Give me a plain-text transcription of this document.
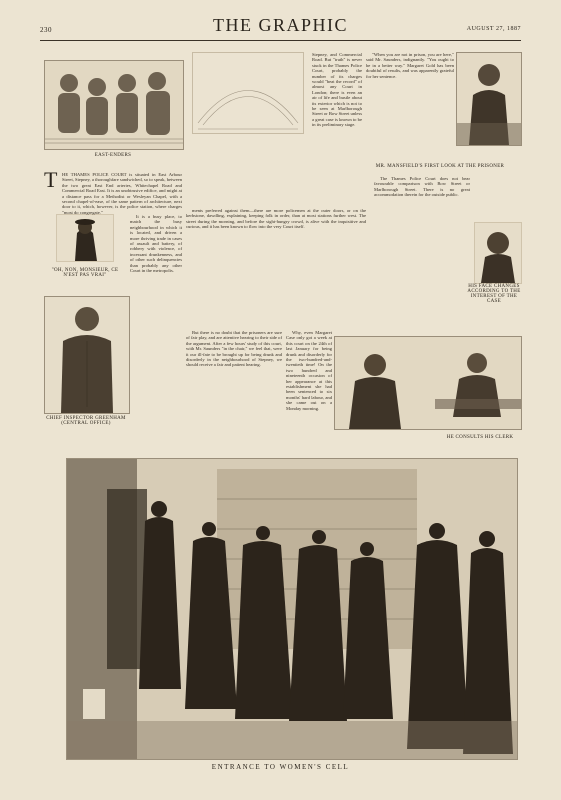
230	THE GRAPHIC	AUGUST 27, 1887
EAST-ENDERS
MR. MANSFIELD'S FIRST LOOK AT THE PRISONER
"OH, NON, MONSIEUR, CE N'EST PAS VRAI"
CHIEF INSPECTOR GREENHAM (CENTRAL OFFICE)
HIS FACE CHANGES ACCORDING TO THE INTEREST OF THE CASE
HE CONSULTS HIS CLERK
T HE THAMES POLICE COURT is situated in East Arbour Street, Stepney, a thoroughfare sandwiched, so to speak, between the two great East End arteries, Whitechapel Road and Commercial Road East. It is an unobtrusive edifice, and might at a distance pass for a Methodist or Wesleyan Chapel, with a second chapel-of-ease, of the same pattern of architecture, next door to it, which, however, is the police station, where charges "most do congregate."

It is a busy place, to match the busy neighbourhood in which it is located, and driven a more thriving trade in cases of assault and battery, of robbery with violence, of incessant drunkenness, and of other such delinquencies than probably any other Court in the metropolis.

Stepney, and Commercial Road. But "truth" is never stuck in the Thames Police Court, probably the number of its charges would "beat the record" of almost any Court in London; there is even an air of life and bustle about its exterior which is not to be seen at Marlborough Street or Bow Street unless a great case is known to be in its preliminary stage.

"When you are not in prison, you are here," said Mr. Saunders, indignantly. "You ought to be in a better way." Margaret Gold has been doubtful of results, and was apparently grateful for her sentence.

The Thames Police Court does not bear favourable comparison with Bow Street or Marlborough Street. There is no great accommodation therein for the outside public.

ments preferred against them—there are more policemen at the outer doors, or on the kerbstone, dawdling, explaining, keeping folk in order, than at most stations further west. The street during the morning, and before the sight-hungry crowd, is alive with the inquisitive and curious, and it has been known to flow into the very Court itself.

But there is no doubt that the prisoners are sure of fair play, and are attentive hearing to their side of the argument. After a few hours' study of this court, with Mr. Saunders "in the chair," we feel that, were it our ill-fate to be brought up for being drunk and disorderly in the neighbourhood of Stepney, we should receive a fair and patient hearing.

Why, even Margaret Case only got a week at this court on the 24th of last January for being drunk and disorderly for the two-hundred-and-twentieth time! On the two hundred and nineteenth occasion of her appearance at this establishment she had been sentenced to six months' hard labour, and she came out on a Monday morning.

ENTRANCE TO WOMEN'S CELL
